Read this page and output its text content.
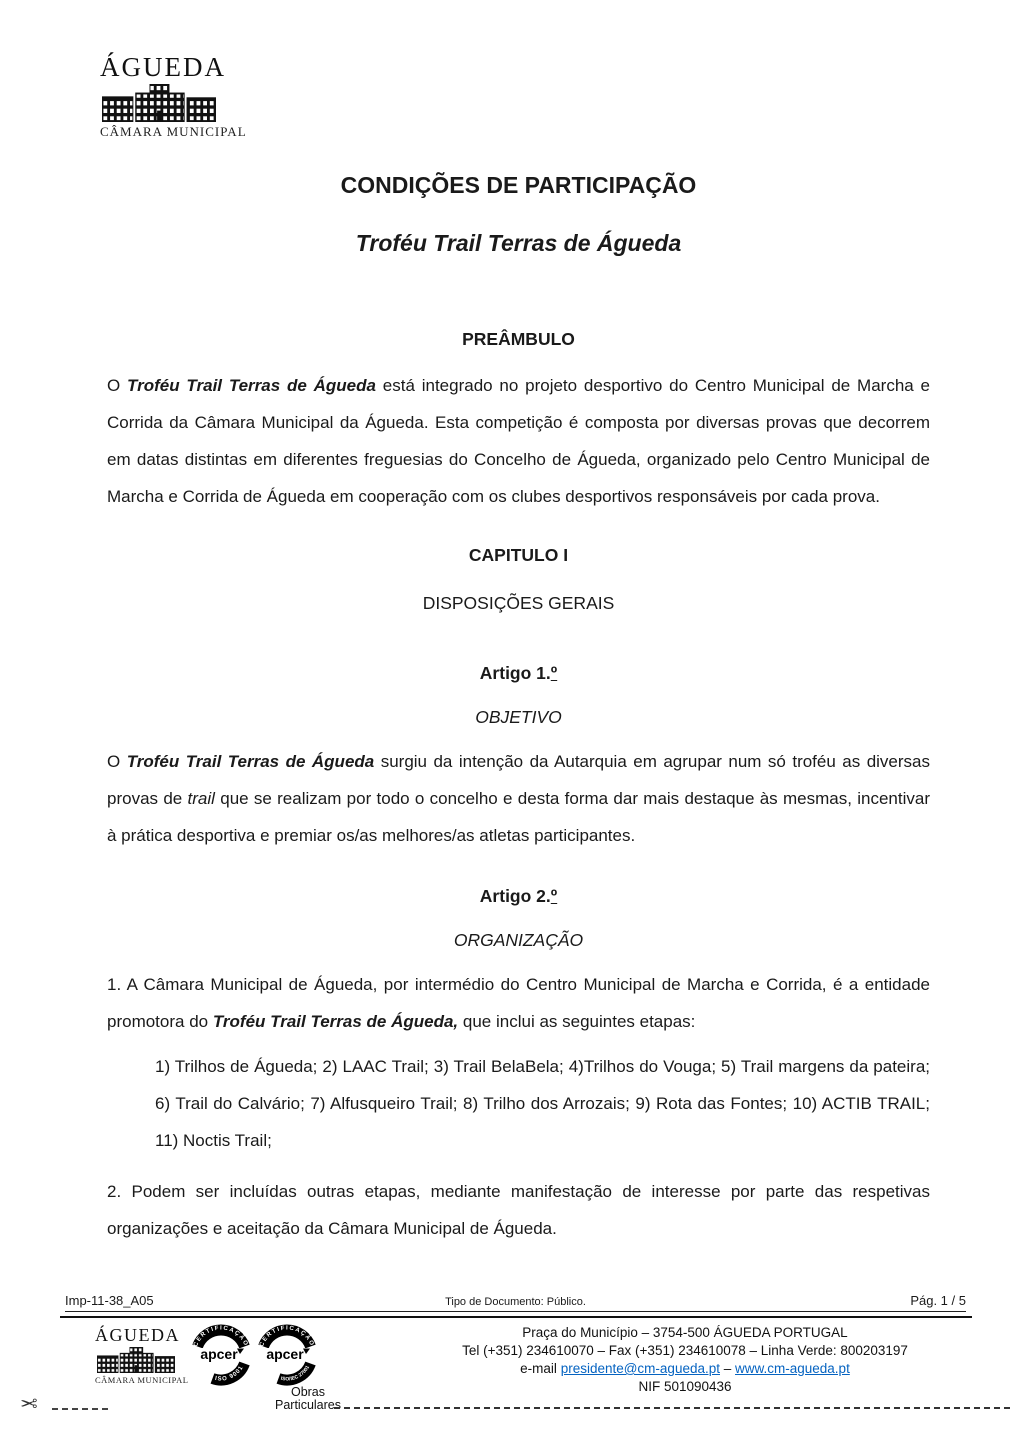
ÁGUEDA
CÂMARA MUNICIPAL
CONDIÇÕES DE PARTICIPAÇÃO
Troféu Trail Terras de Águeda
PREÂMBULO

O Troféu Trail Terras de Águeda está integrado no projeto desportivo do Centro Municipal de Marcha e Corrida da Câmara Municipal da Águeda. Esta competição é composta por diversas provas que decorrem em datas distintas em diferentes freguesias do Concelho de Águeda, organizado pelo Centro Municipal de Marcha e Corrida de Águeda em cooperação com os clubes desportivos responsáveis por cada prova.

CAPITULO I
DISPOSIÇÕES GERAIS
Artigo 1.º
OBJETIVO

O Troféu Trail Terras de Águeda surgiu da intenção da Autarquia em agrupar num só troféu as diversas provas de trail que se realizam por todo o concelho e desta forma dar mais destaque às mesmas, incentivar à prática desportiva e premiar os/as melhores/as atletas participantes.

Artigo 2.º
ORGANIZAÇÃO

1. A Câmara Municipal de Águeda, por intermédio do Centro Municipal de Marcha e Corrida, é a entidade promotora do Troféu Trail Terras de Águeda, que inclui as seguintes etapas:

1) Trilhos de Águeda; 2) LAAC Trail; 3) Trail BelaBela; 4)Trilhos do Vouga; 5) Trail margens da pateira; 6) Trail do Calvário; 7) Alfusqueiro Trail; 8) Trilho dos Arrozais; 9) Rota das Fontes; 10) ACTIB TRAIL; 11) Noctis Trail;

2. Podem ser incluídas outras etapas, mediante manifestação de interesse por parte das respetivas organizações e aceitação da Câmara Municipal de Águeda.

Imp-11-38_A05	Tipo de Documento: Público.	Pág. 1 / 5
ÁGUEDA
CÂMARA MUNICIPAL
CERTIFICAÇÃO
apcer
ISO 9001
CERTIFICAÇÃO
apcer
ISO/IEC 27001
Obras
Particulares
Praça do Município – 3754-500 ÁGUEDA PORTUGAL
Tel (+351) 234610070 – Fax (+351) 234610078 – Linha Verde: 800203197
e-mail presidente@cm-agueda.pt – www.cm-agueda.pt
NIF 501090436
✂
